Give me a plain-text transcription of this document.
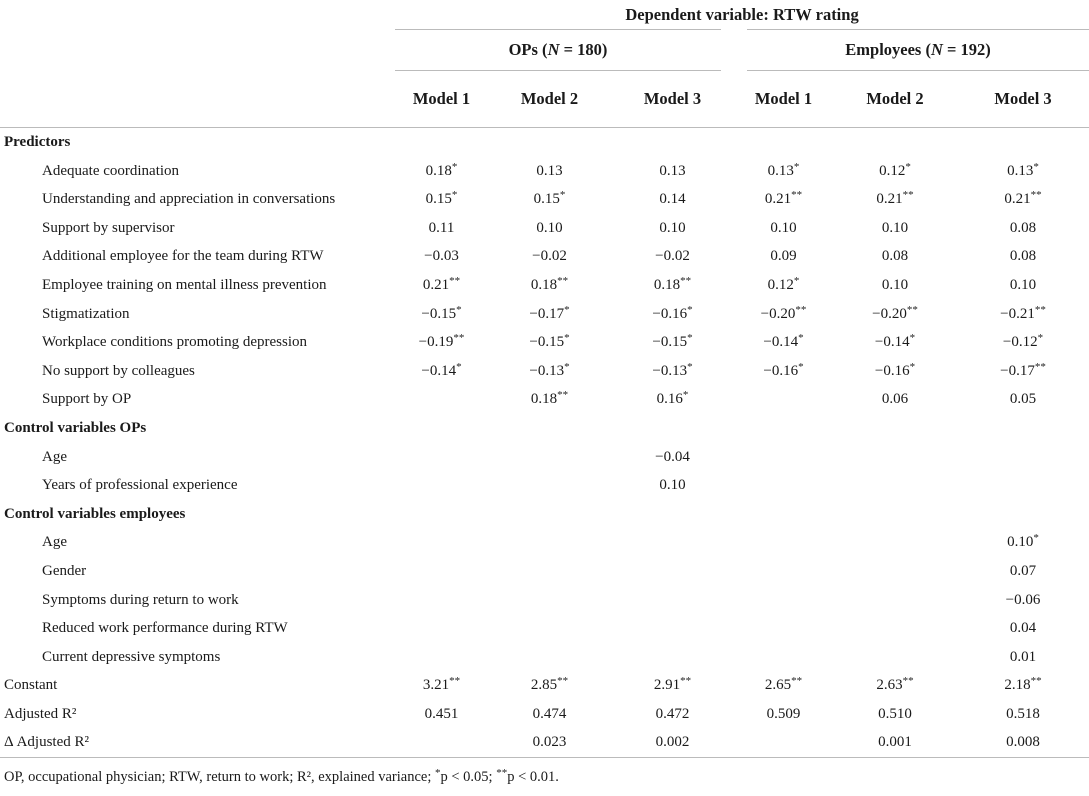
	Dependent variable: RTW rating					
	OPs (N = 180)			Employees (N = 192)		
	Model 1	Model 2	Model 3	Model 1	Model 2	Model 3
Predictors						
Adequate coordination	0.18*	0.13	0.13	0.13*	0.12*	0.13*
Understanding and appreciation in conversations	0.15*	0.15*	0.14	0.21**	0.21**	0.21**
Support by supervisor	0.11	0.10	0.10	0.10	0.10	0.08
Additional employee for the team during RTW	−0.03	−0.02	−0.02	0.09	0.08	0.08
Employee training on mental illness prevention	0.21**	0.18**	0.18**	0.12*	0.10	0.10
Stigmatization	−0.15*	−0.17*	−0.16*	−0.20**	−0.20**	−0.21**
Workplace conditions promoting depression	−0.19**	−0.15*	−0.15*	−0.14*	−0.14*	−0.12*
No support by colleagues	−0.14*	−0.13*	−0.13*	−0.16*	−0.16*	−0.17**
Support by OP		0.18**	0.16*		0.06	0.05
Control variables OPs						
Age			−0.04			
Years of professional experience			0.10			
Control variables employees						
Age						0.10*
Gender						0.07
Symptoms during return to work						−0.06
Reduced work performance during RTW						0.04
Current depressive symptoms						0.01
Constant	3.21**	2.85**	2.91**	2.65**	2.63**	2.18**
Adjusted R²	0.451	0.474	0.472	0.509	0.510	0.518
Δ Adjusted R²		0.023	0.002		0.001	0.008
OP, occupational physician; RTW, return to work; R², explained variance; *p < 0.05; **p < 0.01.
